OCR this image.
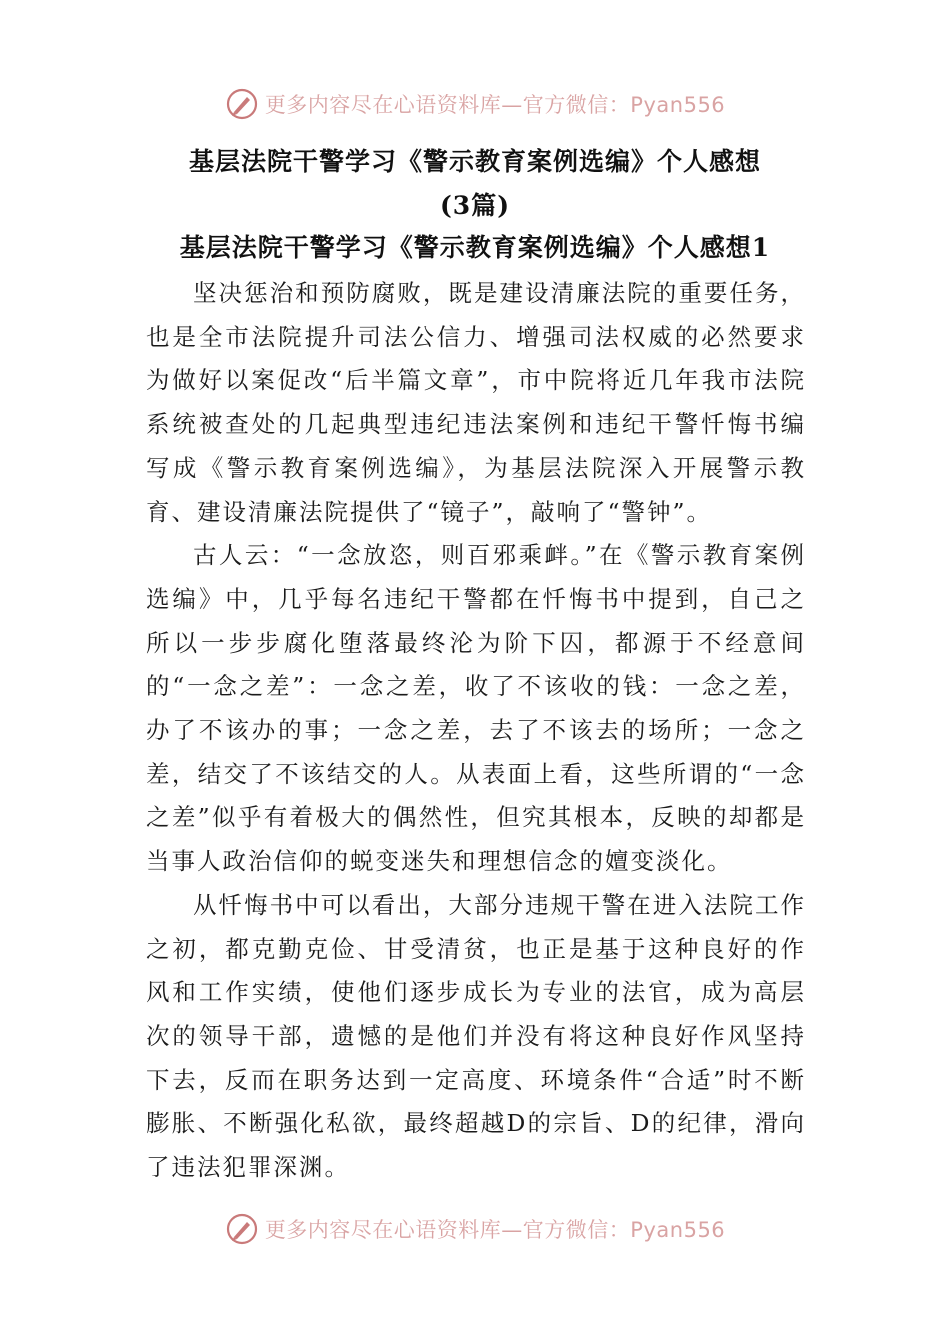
更多内容尽在心语资料库—官方微信：Pyan556
基层法院干警学习《警示教育案例选编》个人感想
(3篇)
基层法院干警学习《警示教育案例选编》个人感想1

坚决惩治和预防腐败，既是建设清廉法院的重要任务，也是全市法院提升司法公信力、增强司法权威的必然要求为做好以案促改“后半篇文章”，市中院将近几年我市法院系统被查处的几起典型违纪违法案例和违纪干警忏悔书编写成《警示教育案例选编》，为基层法院深入开展警示教育、建设清廉法院提供了“镜子”，敲响了“警钟”。

古人云：“一念放恣，则百邪乘衅。”在《警示教育案例选编》中，几乎每名违纪干警都在忏悔书中提到，自己之所以一步步腐化堕落最终沦为阶下囚，都源于不经意间的“一念之差”：一念之差，收了不该收的钱：一念之差，办了不该办的事；一念之差，去了不该去的场所；一念之差，结交了不该结交的人。从表面上看，这些所谓的“一念之差”似乎有着极大的偶然性，但究其根本，反映的却都是当事人政治信仰的蜕变迷失和理想信念的嬗变淡化。

从忏悔书中可以看出，大部分违规干警在进入法院工作之初，都克勤克俭、甘受清贫，也正是基于这种良好的作风和工作实绩，使他们逐步成长为专业的法官，成为高层次的领导干部，遗憾的是他们并没有将这种良好作风坚持下去，反而在职务达到一定高度、环境条件“合适”时不断膨胀、不断强化私欲，最终超越D的宗旨、D的纪律，滑向了违法犯罪深渊。

更多内容尽在心语资料库—官方微信：Pyan556
